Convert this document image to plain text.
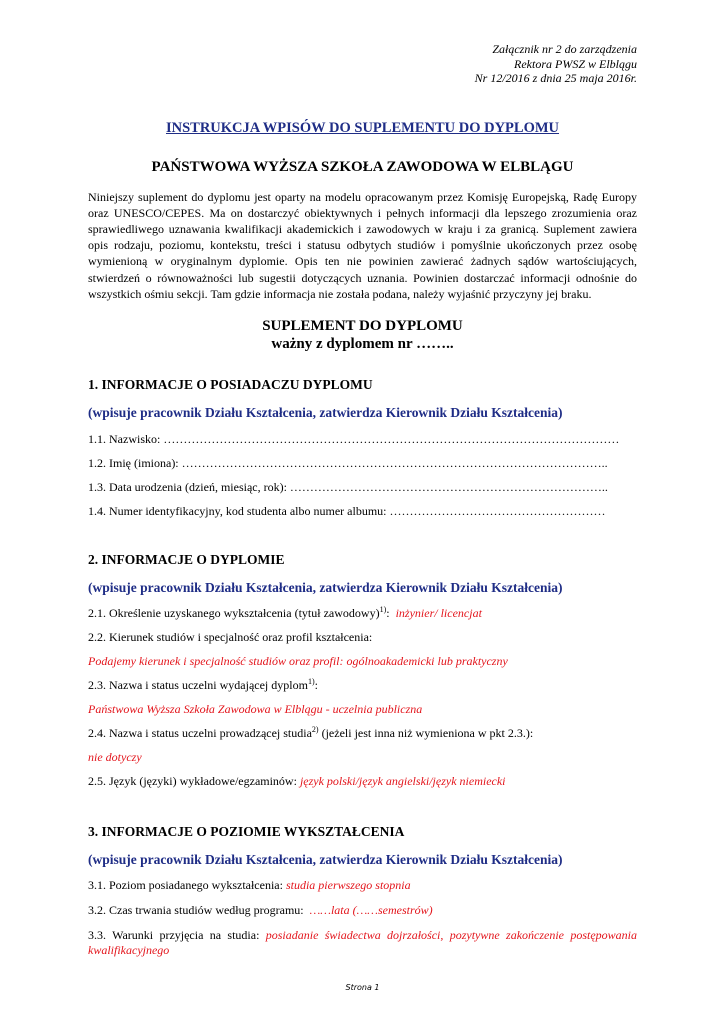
Załącznik nr 2 do zarządzenia
Rektora PWSZ w Elblągu
Nr 12/2016 z dnia 25 maja 2016r.
INSTRUKCJA WPISÓW DO SUPLEMENTU DO DYPLOMU
PAŃSTWOWA WYŻSZA SZKOŁA ZAWODOWA W ELBLĄGU
Niniejszy suplement do dyplomu jest oparty na modelu opracowanym przez Komisję Europejską, Radę Europy oraz UNESCO/CEPES. Ma on dostarczyć obiektywnych i pełnych informacji dla lepszego zrozumienia oraz sprawiedliwego uznawania kwalifikacji akademickich i zawodowych w kraju i za granicą. Suplement zawiera opis rodzaju, poziomu, kontekstu, treści i statusu odbytych studiów i pomyślnie ukończonych przez osobę wymienioną w oryginalnym dyplomie. Opis ten nie powinien zawierać żadnych sądów wartościujących, stwierdzeń o równoważności lub sugestii dotyczących uznania. Powinien dostarczać informacji odnośnie do wszystkich ośmiu sekcji. Tam gdzie informacja nie została podana, należy wyjaśnić przyczyny jej braku.
SUPLEMENT DO DYPLOMU
ważny z dyplomem nr ……..
1. INFORMACJE O POSIADACZU DYPLOMU
(wpisuje pracownik Działu Kształcenia, zatwierdza Kierownik Działu Kształcenia)
1.1. Nazwisko: ……………………………………………………………………………………………………
1.2. Imię (imiona): ……………………………………………………………………………………………..
1.3. Data urodzenia (dzień, miesiąc, rok): ……………………………………………………………………..
1.4. Numer identyfikacyjny, kod studenta albo numer albumu: ………………………………………………
2. INFORMACJE O DYPLOMIE
(wpisuje pracownik Działu Kształcenia, zatwierdza Kierownik Działu Kształcenia)
2.1. Określenie uzyskanego wykształcenia (tytuł zawodowy)$^{1)}$: inżynier/ licencjat
2.2. Kierunek studiów i specjalność oraz profil kształcenia:
Podajemy kierunek i specjalność studiów oraz profil: ogólnoakademicki lub praktyczny
2.3. Nazwa i status uczelni wydającej dyplom$^{1)}$:
Państwowa Wyższa Szkoła Zawodowa w Elblągu - uczelnia publiczna
2.4. Nazwa i status uczelni prowadzącej studia$^{2)}$ (jeżeli jest inna niż wymieniona w pkt 2.3.):
nie dotyczy
2.5. Język (języki) wykładowe/egzaminów: język polski/język angielski/język niemiecki
3. INFORMACJE O POZIOMIE WYKSZTAŁCENIA
(wpisuje pracownik Działu Kształcenia, zatwierdza Kierownik Działu Kształcenia)
3.1. Poziom posiadanego wykształcenia: studia pierwszego stopnia
3.2. Czas trwania studiów według programu: ……lata (……semestrów)
3.3. Warunki przyjęcia na studia: posiadanie świadectwa dojrzałości, pozytywne zakończenie postępowania kwalifikacyjnego
Strona 1
